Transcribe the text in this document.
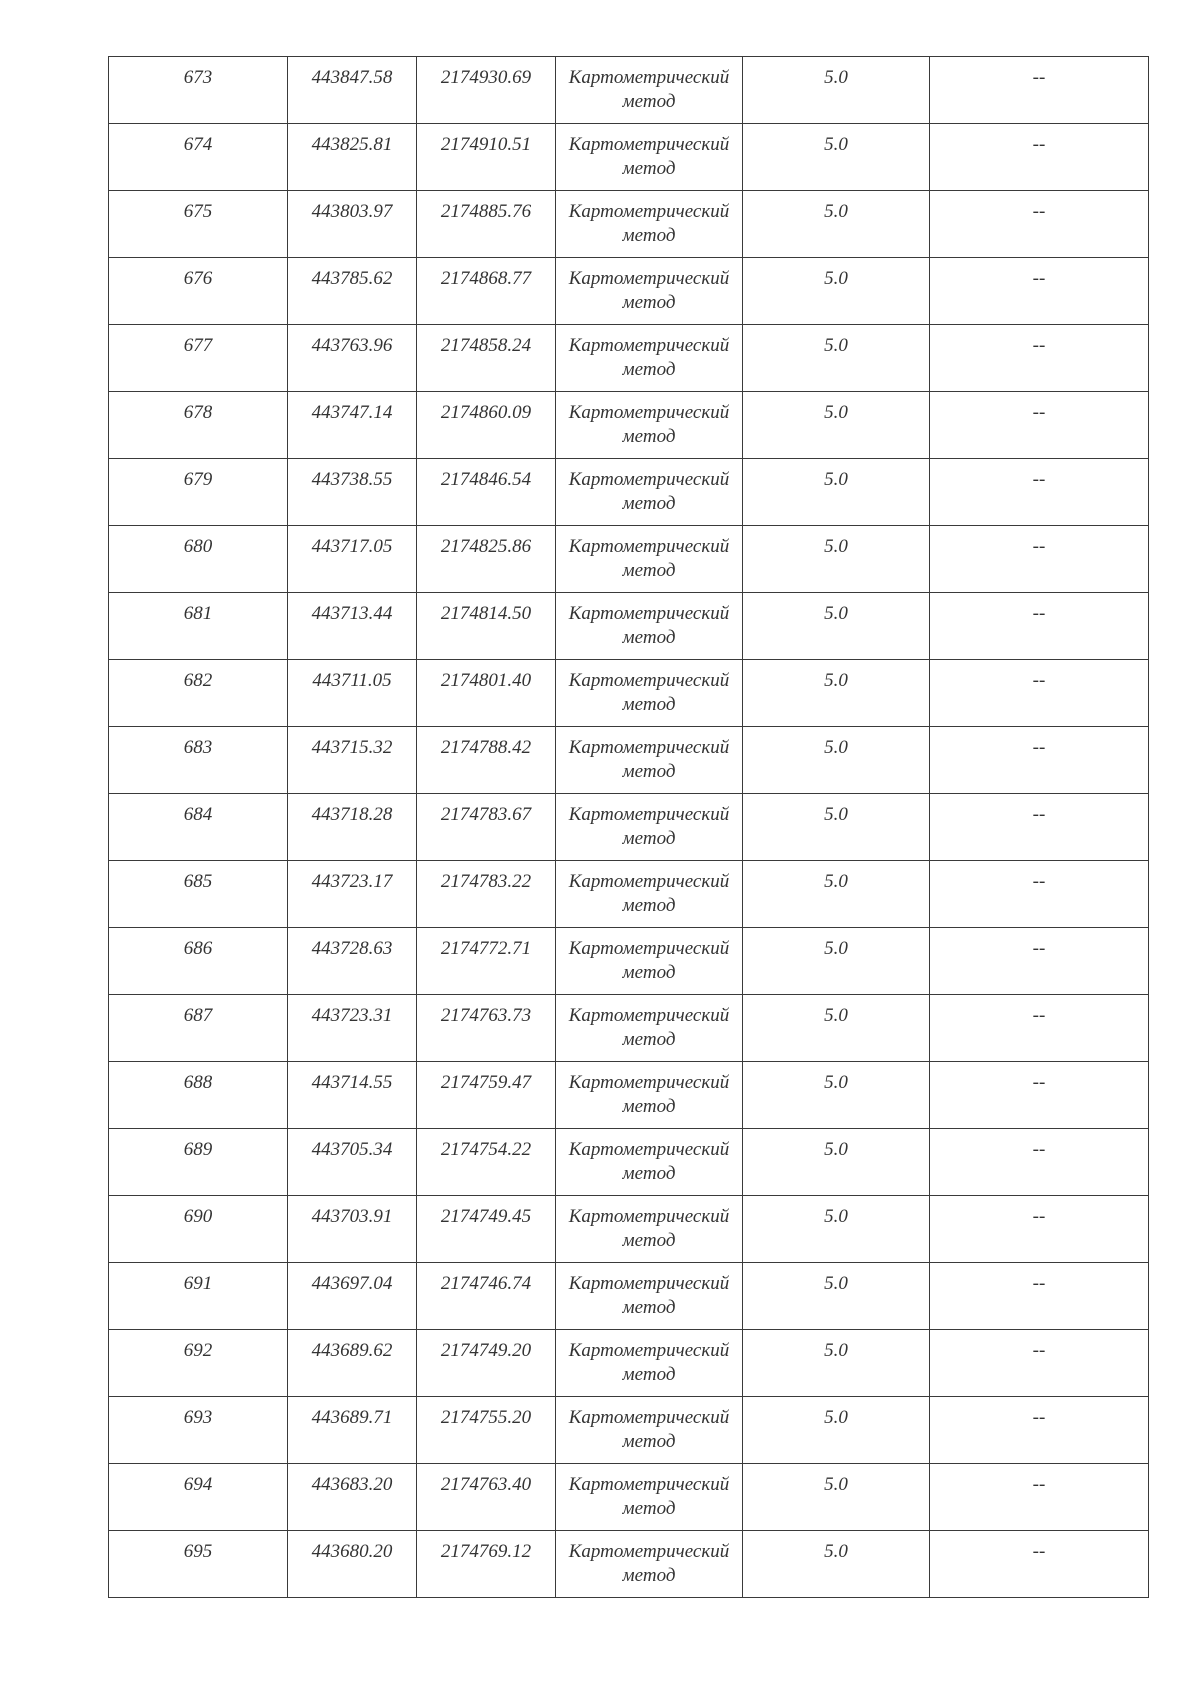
673	443847.58	2174930.69	Картометрический
метод	5.0	--

674	443825.81	2174910.51	Картометрический
метод	5.0	--

675	443803.97	2174885.76	Картометрический
метод	5.0	--

676	443785.62	2174868.77	Картометрический
метод	5.0	--

677	443763.96	2174858.24	Картометрический
метод	5.0	--

678	443747.14	2174860.09	Картометрический
метод	5.0	--

679	443738.55	2174846.54	Картометрический
метод	5.0	--

680	443717.05	2174825.86	Картометрический
метод	5.0	--

681	443713.44	2174814.50	Картометрический
метод	5.0	--

682	443711.05	2174801.40	Картометрический
метод	5.0	--

683	443715.32	2174788.42	Картометрический
метод	5.0	--

684	443718.28	2174783.67	Картометрический
метод	5.0	--

685	443723.17	2174783.22	Картометрический
метод	5.0	--

686	443728.63	2174772.71	Картометрический
метод	5.0	--

687	443723.31	2174763.73	Картометрический
метод	5.0	--

688	443714.55	2174759.47	Картометрический
метод	5.0	--

689	443705.34	2174754.22	Картометрический
метод	5.0	--

690	443703.91	2174749.45	Картометрический
метод	5.0	--

691	443697.04	2174746.74	Картометрический
метод	5.0	--

692	443689.62	2174749.20	Картометрический
метод	5.0	--

693	443689.71	2174755.20	Картометрический
метод	5.0	--

694	443683.20	2174763.40	Картометрический
метод	5.0	--

695	443680.20	2174769.12	Картометрический
метод	5.0	--
